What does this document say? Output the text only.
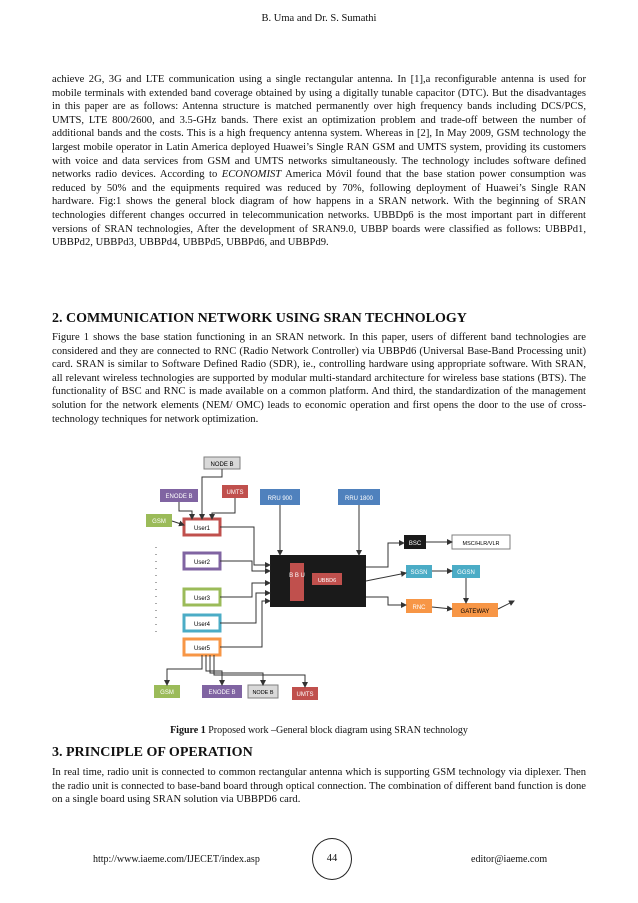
B. Uma and Dr. S. Sumathi

achieve 2G, 3G and LTE communication using a single rectangular antenna. In [1],a reconfigurable antenna is used for mobile terminals with extended band coverage obtained by using a digitally tunable capacitor (DTC). But the disadvantages in this paper are as follows: Antenna structure is matched permanently over high frequency bands including DCS/PCS, UMTS, LTE 800/2600, and 3.5-GHz bands. There exist an optimization problem and trade-off between the number of additional bands and the costs. This is a high frequency antenna system. Whereas in [2], In May 2009, GSM technology the largest mobile operator in Latin America deployed Huawei’s Single RAN GSM and UMTS system, providing its customers with voice and data services from GSM and UMTS networks simultaneously. The technology includes software defined networks radio devices. According to ECONOMIST America Móvil found that the base station power consumption was reduced by 50% and the equipments required was reduced by 70%, following deployment of Huawei’s Single RAN hardware. Fig:1 shows the general block diagram of how happens in a SRAN network. With the beginning of SRAN technologies different changes occurred in telecommunication networks. UBBDp6 is the most important part in different versions of SRAN technologies, After the development of SRAN9.0, UBBP boards were classified as follows: UBBPd1, UBBPd2, UBBPd3, UBBPd4, UBBPd5, UBBPd6, and UBBPd9.

2. COMMUNICATION NETWORK USING SRAN TECHNOLOGY

Figure 1 shows the base station functioning in an SRAN network. In this paper, users of different band technologies are considered and they are connected to RNC (Radio Network Controller) via UBBPd6 (Universal Base-Band Processing unit) card. SRAN is similar to Software Defined Radio (SDR), ie., controlling hardware using appropriate software. With SRAN, all relevant wireless technologies are supported by modular multi-standard architecture for wireless base stations (BTS). The functionality of BSC and RNC is made available on a common platform. And third, the standardization of the management solution for the network elements (NEM/ OMC) leads to economic operation and first opens the door to the use of cross-technology techniques for network optimization.

NODE B
ENODE B
UMTS
GSM
RRU 900	RRU 1800
User1
User2
User3
User4
User5
B B U
UBBD6
BSC	MSC/HLR/VLR
SGSN	GGSN
RNC
GATEWAY
GSM	ENODE B	NODE B	UMTS
Figure 1 Proposed work –General block diagram using SRAN technology
3. PRINCIPLE OF OPERATION

In real time, radio unit is connected to common rectangular antenna which is supporting GSM technology via diplexer. Then the radio unit is connected to base-band board through optical connection. The combination of different band function is done on a single board using SRAN solution via UBBPD6 card.

http://www.iaeme.com/IJECET/index.asp	44	editor@iaeme.com
